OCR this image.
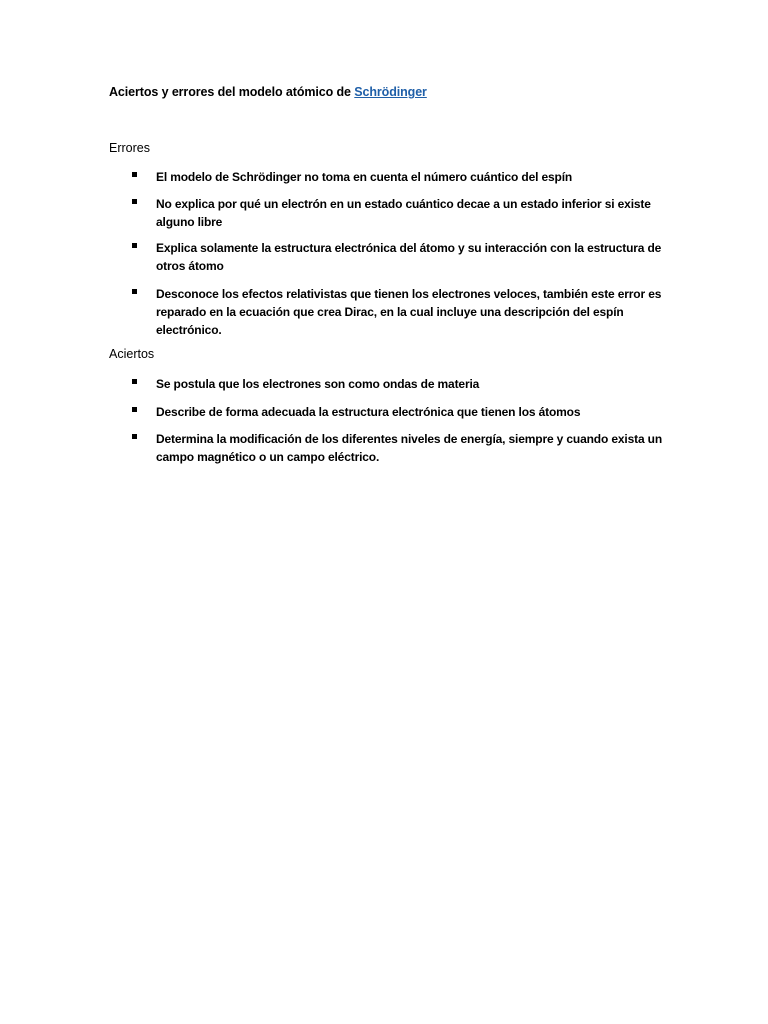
Aciertos y errores del modelo atómico de Schrödinger
Errores
El modelo de Schrödinger no toma en cuenta el número cuántico del espín
No explica por qué un electrón en un estado cuántico decae a un estado inferior si existe alguno libre
Explica solamente la estructura electrónica del átomo y su interacción con la estructura de otros átomo
Desconoce los efectos relativistas que tienen los electrones veloces, también este error es reparado en la ecuación que crea Dirac, en la cual incluye una descripción del espín electrónico.
Aciertos
Se postula que los electrones son como ondas de materia
Describe de forma adecuada la estructura electrónica que tienen los átomos
Determina la modificación de los diferentes niveles de energía, siempre y cuando exista un campo magnético o un campo eléctrico.
